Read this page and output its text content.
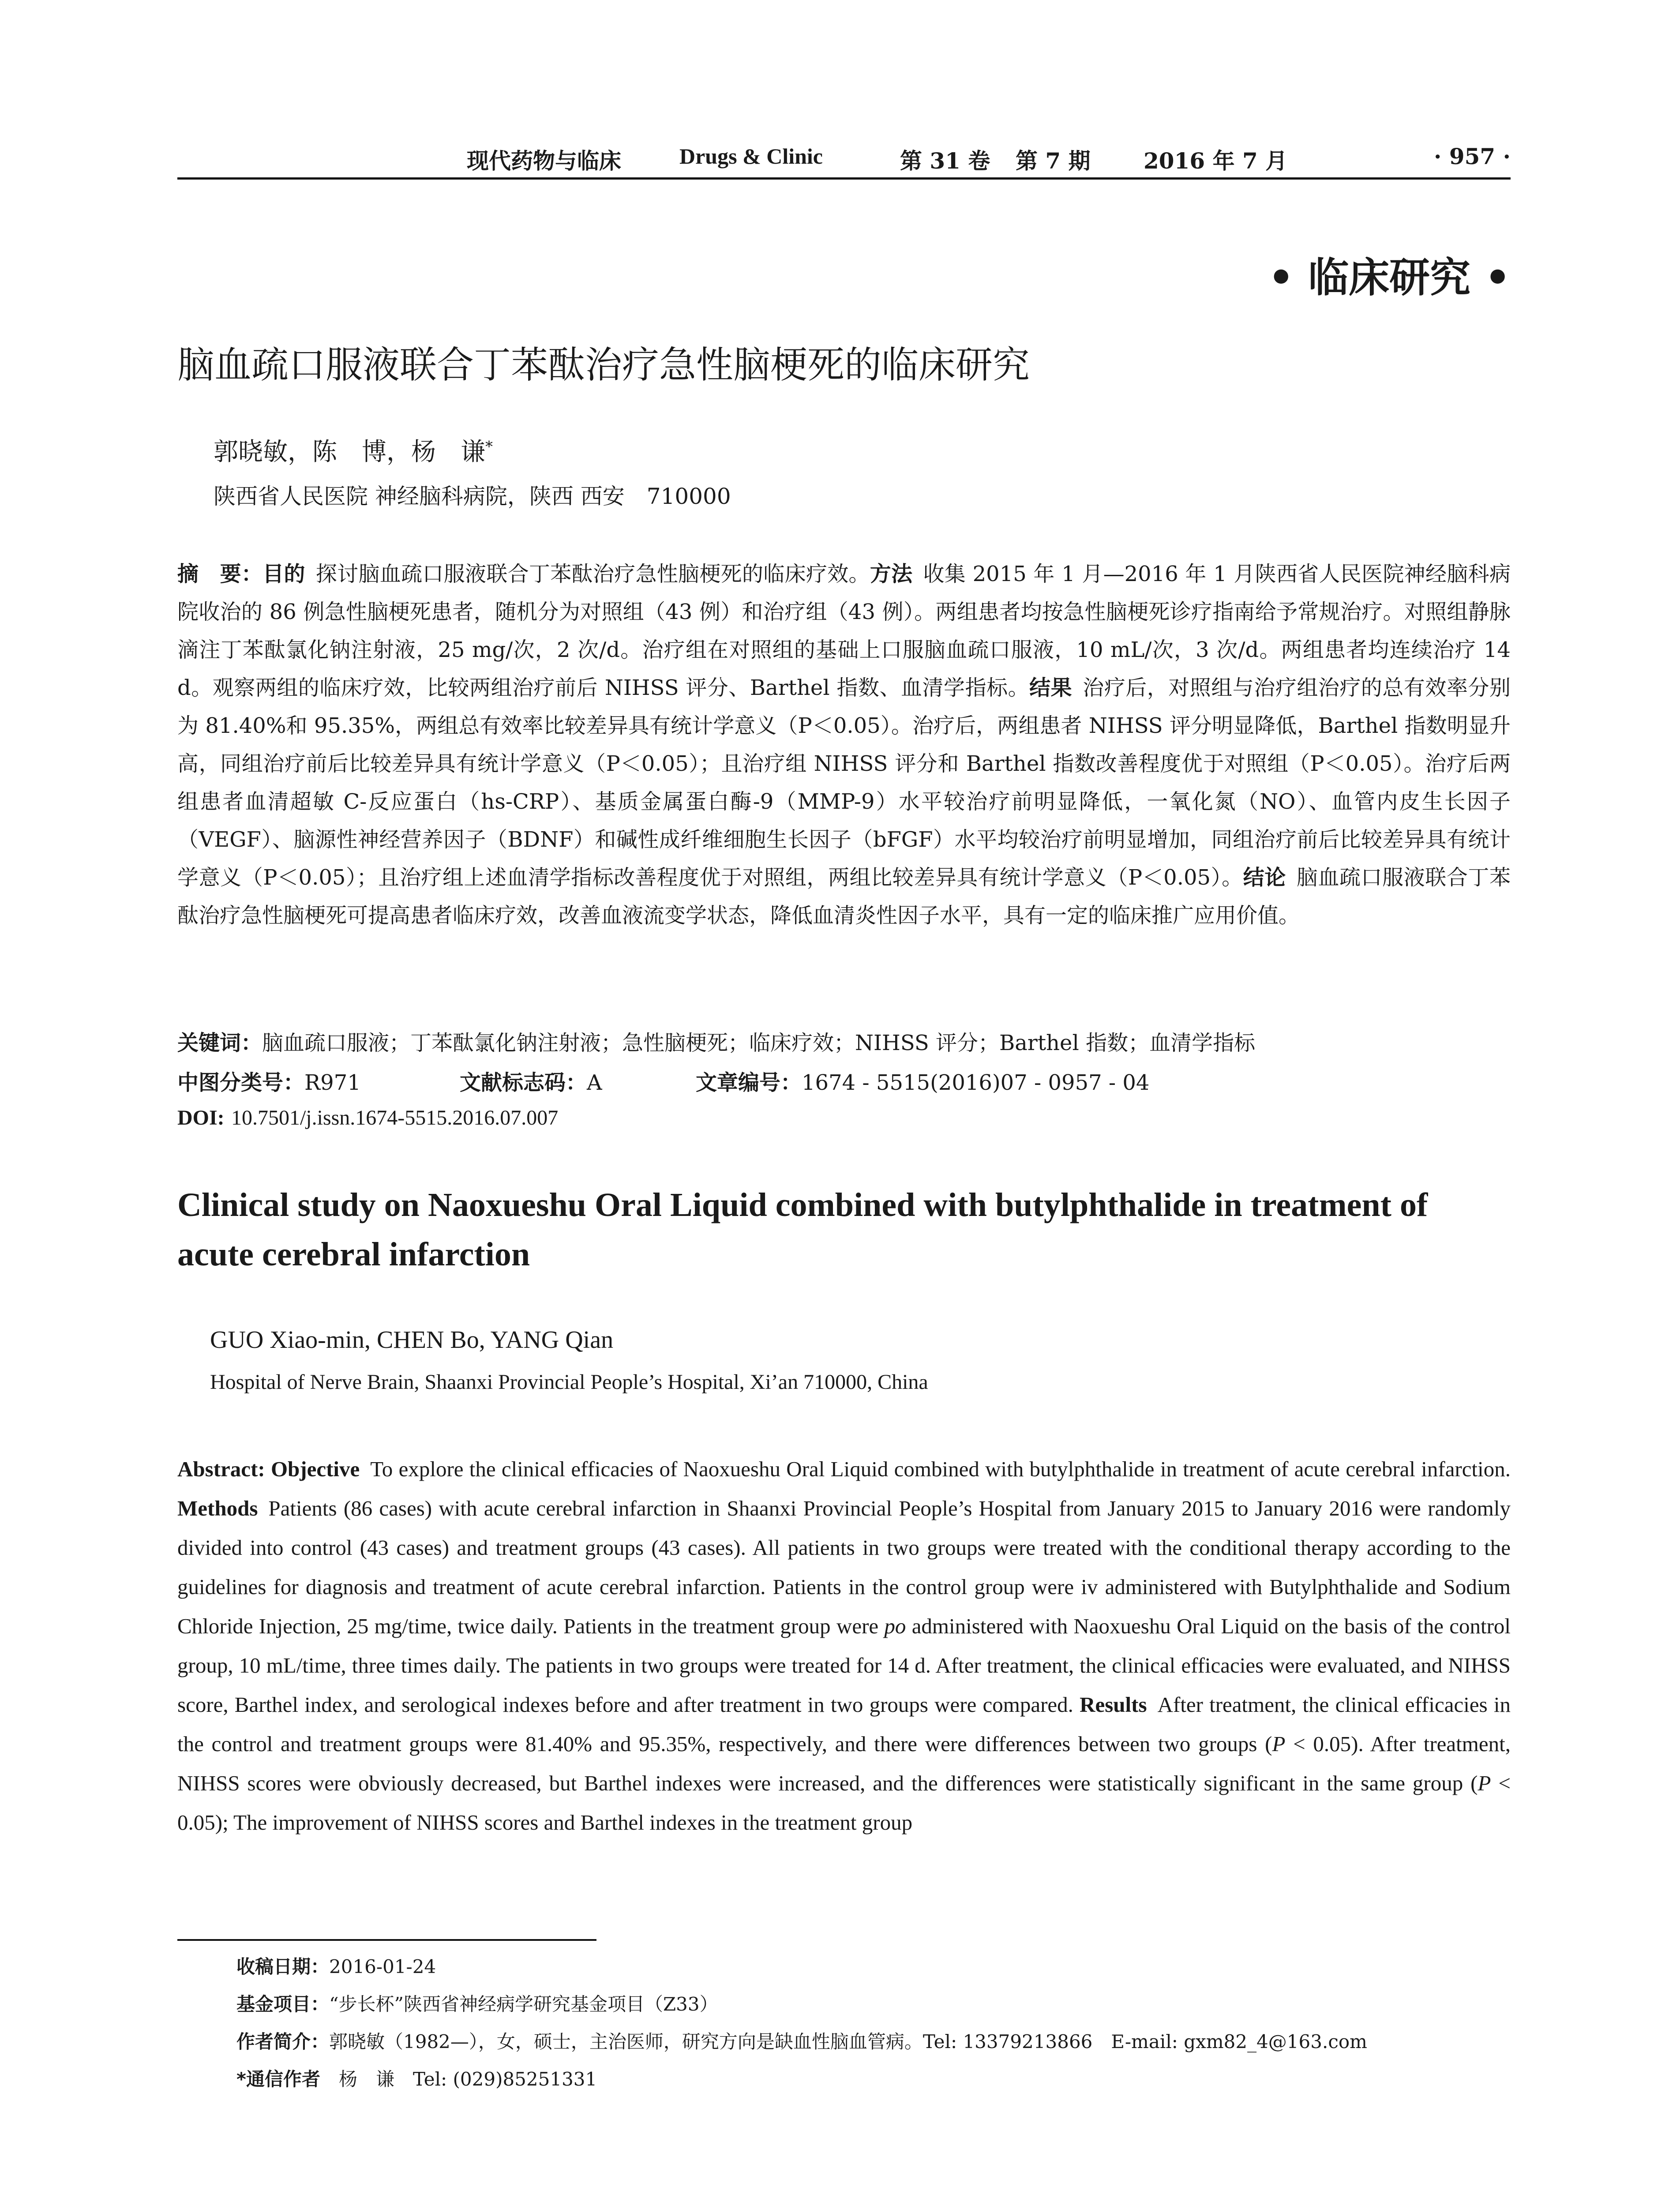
现代药物与临床	Drugs & Clinic	第 31 卷 第 7 期 2016 年 7 月	· 957 ·
• 临床研究 •
脑血疏口服液联合丁苯酞治疗急性脑梗死的临床研究
郭晓敏，陈　博，杨　谦*
陕西省人民医院 神经脑科病院，陕西 西安　710000
摘　要：目的 探讨脑血疏口服液联合丁苯酞治疗急性脑梗死的临床疗效。方法 收集 2015 年 1 月—2016 年 1 月陕西省人民医院神经脑科病院收治的 86 例急性脑梗死患者，随机分为对照组（43 例）和治疗组（43 例）。两组患者均按急性脑梗死诊疗指南给予常规治疗。对照组静脉滴注丁苯酞氯化钠注射液，25 mg/次，2 次/d。治疗组在对照组的基础上口服脑血疏口服液，10 mL/次，3 次/d。两组患者均连续治疗 14 d。观察两组的临床疗效，比较两组治疗前后 NIHSS 评分、Barthel 指数、血清学指标。结果 治疗后，对照组与治疗组治疗的总有效率分别为 81.40%和 95.35%，两组总有效率比较差异具有统计学意义（P＜0.05）。治疗后，两组患者 NIHSS 评分明显降低，Barthel 指数明显升高，同组治疗前后比较差异具有统计学意义（P＜0.05）；且治疗组 NIHSS 评分和 Barthel 指数改善程度优于对照组（P＜0.05）。治疗后两组患者血清超敏 C-反应蛋白（hs-CRP）、基质金属蛋白酶-9（MMP-9）水平较治疗前明显降低，一氧化氮（NO）、血管内皮生长因子（VEGF）、脑源性神经营养因子（BDNF）和碱性成纤维细胞生长因子（bFGF）水平均较治疗前明显增加，同组治疗前后比较差异具有统计学意义（P＜0.05）；且治疗组上述血清学指标改善程度优于对照组，两组比较差异具有统计学意义（P＜0.05）。结论 脑血疏口服液联合丁苯酞治疗急性脑梗死可提高患者临床疗效，改善血液流变学状态，降低血清炎性因子水平，具有一定的临床推广应用价值。
关键词：脑血疏口服液；丁苯酞氯化钠注射液；急性脑梗死；临床疗效；NIHSS 评分；Barthel 指数；血清学指标
中图分类号：R971	文献标志码：A	文章编号：1674 - 5515(2016)07 - 0957 - 04
DOI: 10.7501/j.issn.1674-5515.2016.07.007
Clinical study on Naoxueshu Oral Liquid combined with butylphthalide in treatment of acute cerebral infarction
GUO Xiao-min, CHEN Bo, YANG Qian
Hospital of Nerve Brain, Shaanxi Provincial People’s Hospital, Xi’an 710000, China
Abstract: Objective To explore the clinical efficacies of Naoxueshu Oral Liquid combined with butylphthalide in treatment of acute cerebral infarction. Methods Patients (86 cases) with acute cerebral infarction in Shaanxi Provincial People’s Hospital from January 2015 to January 2016 were randomly divided into control (43 cases) and treatment groups (43 cases). All patients in two groups were treated with the conditional therapy according to the guidelines for diagnosis and treatment of acute cerebral infarction. Patients in the control group were iv administered with Butylphthalide and Sodium Chloride Injection, 25 mg/time, twice daily. Patients in the treatment group were po administered with Naoxueshu Oral Liquid on the basis of the control group, 10 mL/time, three times daily. The patients in two groups were treated for 14 d. After treatment, the clinical efficacies were evaluated, and NIHSS score, Barthel index, and serological indexes before and after treatment in two groups were compared. Results After treatment, the clinical efficacies in the control and treatment groups were 81.40% and 95.35%, respectively, and there were differences between two groups (P < 0.05). After treatment, NIHSS scores were obviously decreased, but Barthel indexes were increased, and the differences were statistically significant in the same group (P < 0.05); The improvement of NIHSS scores and Barthel indexes in the treatment group
收稿日期：2016-01-24
基金项目：“步长杯”陕西省神经病学研究基金项目（Z33）
作者简介：郭晓敏（1982—），女，硕士，主治医师，研究方向是缺血性脑血管病。Tel: 13379213866　E-mail: gxm82_4@163.com
*通信作者　 杨　谦　Tel: (029)85251331
